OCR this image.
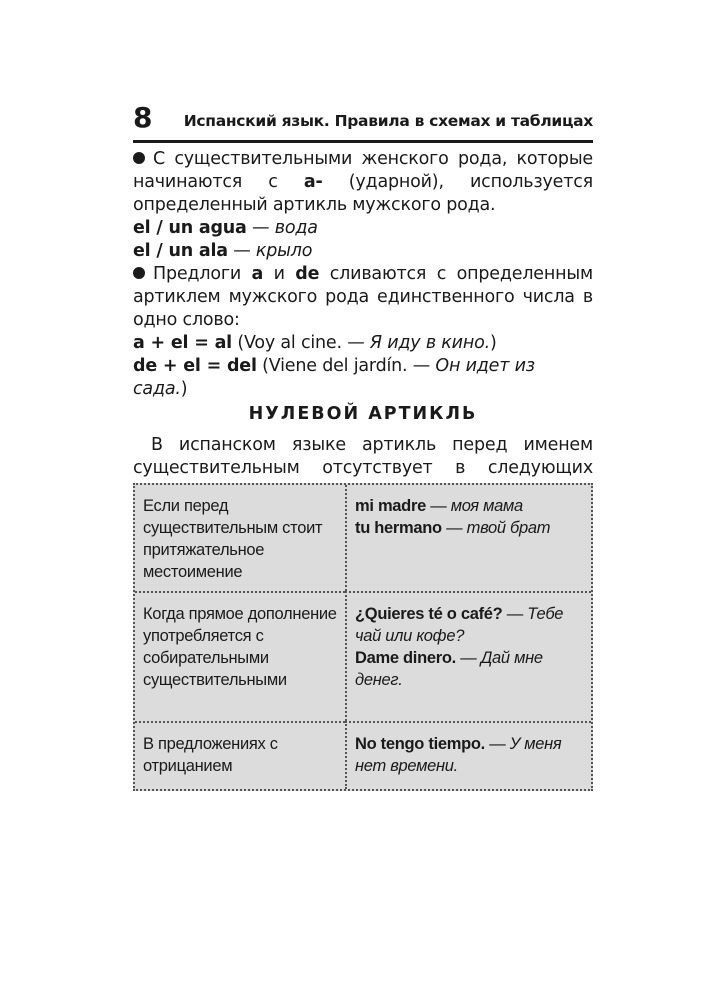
8 Испанский язык. Правила в схемах и таблицах

С существительными женского рода, которые начинаются с a- (ударной), используется определенный артикль мужского рода.

el / un agua — вода

el / un ala — крыло

Предлоги a и de сливаются с определенным артиклем мужского рода единственного числа в одно слово:

a + el = al (Voy al cine. — Я иду в кино.)

de + el = del (Viene del jardín. — Он идет из сада.)

НУЛЕВОЙ АРТИКЛЬ
В испанском языке артикль перед именем существительным отсутствует в следующих
Если перед существительным стоит притяжательное местоимение
mi madre — моя мама
tu hermano — твой брат
Когда прямое дополнение употребляется с собирательными существительными
¿Quieres té o café? — Тебе чай или кофе?
Dame dinero. — Дай мне денег.
В предложениях с отрицанием
No tengo tiempo. — У меня нет времени.
